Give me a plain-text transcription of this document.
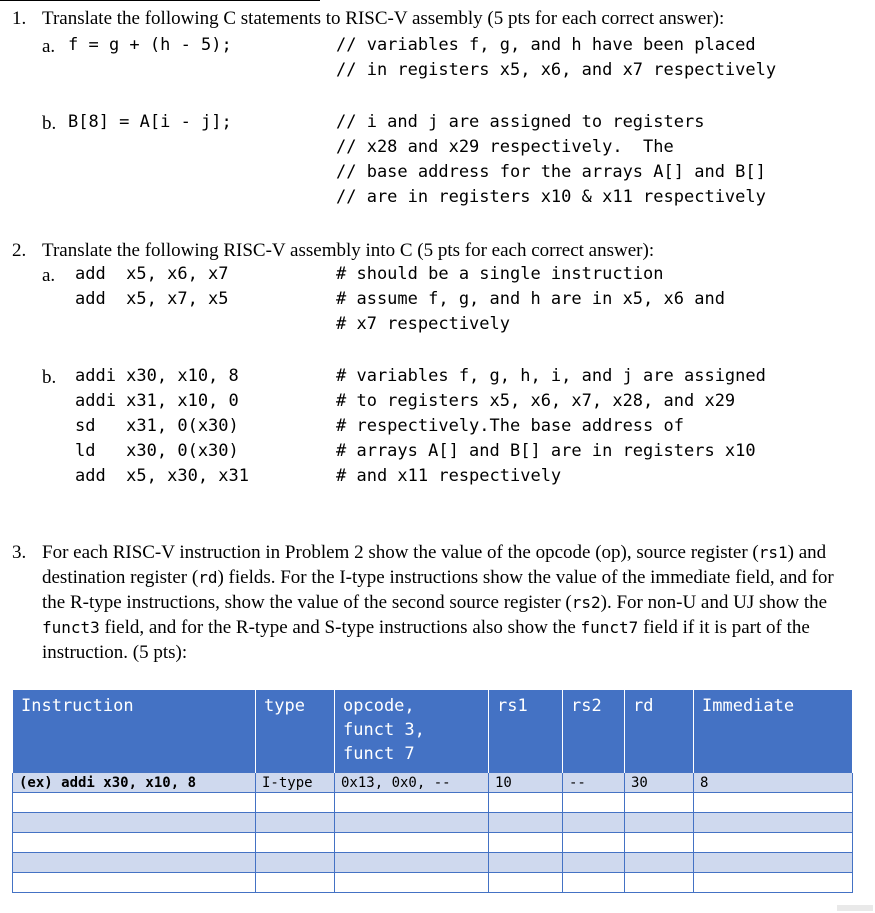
1. Translate the following C statements to RISC-V assembly (5 pts for each correct answer):
a. f = g + (h - 5);	// variables f, g, and h have been placed
// in registers x5, x6, and x7 respectively
b. B[8] = A[i - j];	// i and j are assigned to registers
// x28 and x29 respectively.  The
// base address for the arrays A[] and B[]
// are in registers x10 & x11 respectively
2. Translate the following RISC-V assembly into C (5 pts for each correct answer):
a. add  x5, x6, x7
add  x5, x7, x5
# should be a single instruction
# assume f, g, and h are in x5, x6 and
# x7 respectively
b. addi x30, x10, 8
addi x31, x10, 0
sd   x31, 0(x30)
ld   x30, 0(x30)
add  x5, x30, x31
# variables f, g, h, i, and j are assigned
# to registers x5, x6, x7, x28, and x29
# respectively.The base address of
# arrays A[] and B[] are in registers x10
# and x11 respectively
3. For each RISC-V instruction in Problem 2 show the value of the opcode (op), source register (rs1) and destination register (rd) fields. For the I-type instructions show the value of the immediate field, and for the R-type instructions, show the value of the second source register (rs2). For non-U and UJ show the funct3 field, and for the R-type and S-type instructions also show the funct7 field if it is part of the instruction. (5 pts):
Instruction	type	opcode,
funct 3,
funct 7	rs1	rs2	rd	Immediate
(ex) addi x30, x10, 8	I-type	0x13, 0x0, --	10	--	30	8
